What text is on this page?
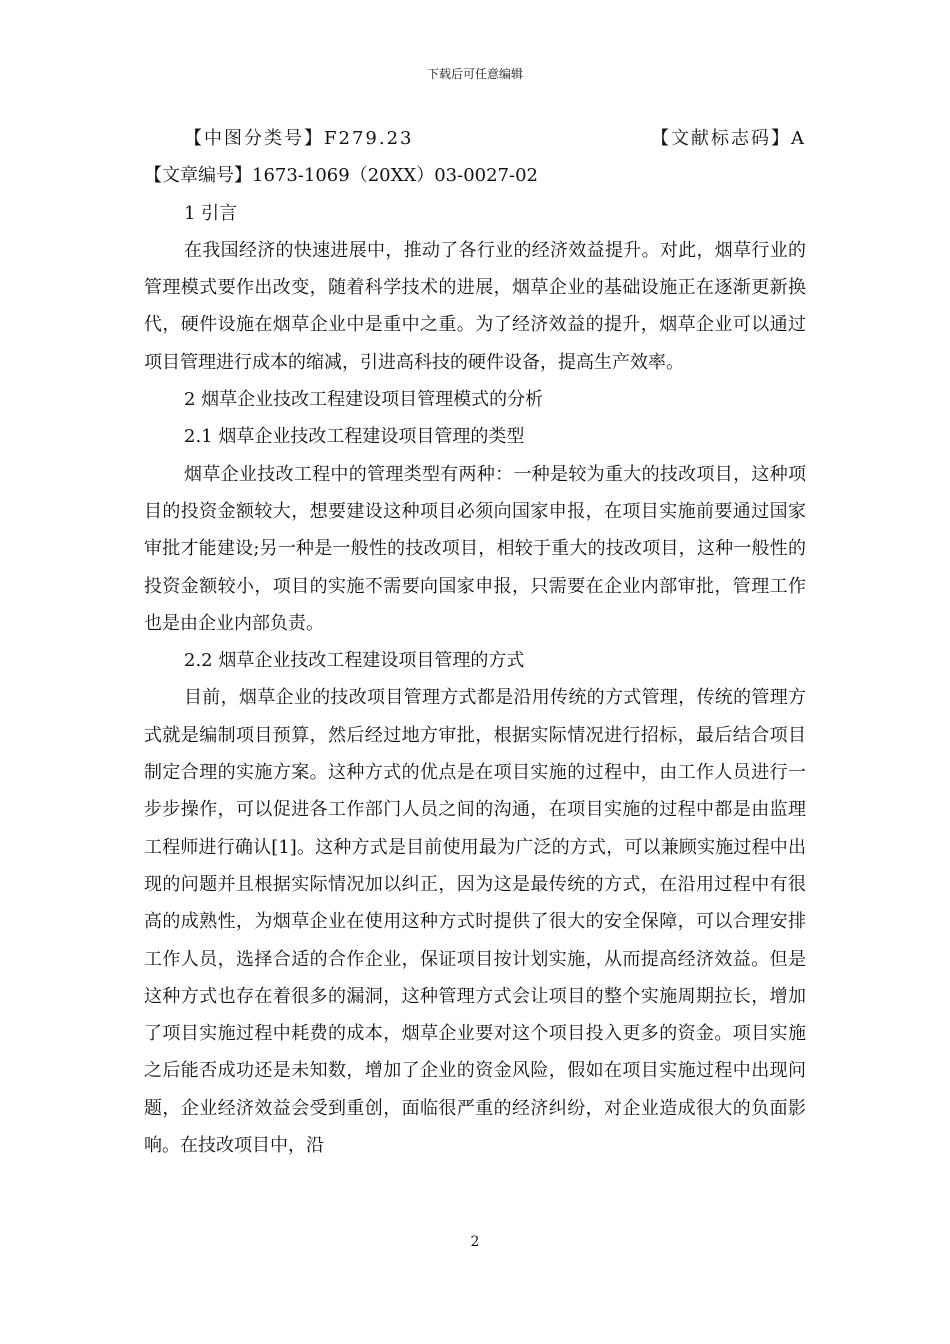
下载后可任意编辑
【中图分类号】F279.23	【文献标志码】A

【文章编号】1673-1069（20XX）03-0027-02

1 引言

在我国经济的快速进展中，推动了各行业的经济效益提升。对此，烟草行业的管理模式要作出改变，随着科学技术的进展，烟草企业的基础设施正在逐渐更新换代，硬件设施在烟草企业中是重中之重。为了经济效益的提升，烟草企业可以通过项目管理进行成本的缩减，引进高科技的硬件设备，提高生产效率。

2 烟草企业技改工程建设项目管理模式的分析

2.1 烟草企业技改工程建设项目管理的类型

烟草企业技改工程中的管理类型有两种：一种是较为重大的技改项目，这种项目的投资金额较大，想要建设这种项目必须向国家申报，在项目实施前要通过国家审批才能建设;另一种是一般性的技改项目，相较于重大的技改项目，这种一般性的投资金额较小，项目的实施不需要向国家申报，只需要在企业内部审批，管理工作也是由企业内部负责。

2.2 烟草企业技改工程建设项目管理的方式

目前，烟草企业的技改项目管理方式都是沿用传统的方式管理，传统的管理方式就是编制项目预算，然后经过地方审批，根据实际情况进行招标，最后结合项目制定合理的实施方案。这种方式的优点是在项目实施的过程中，由工作人员进行一步步操作，可以促进各工作部门人员之间的沟通，在项目实施的过程中都是由监理工程师进行确认[1]。这种方式是目前使用最为广泛的方式，可以兼顾实施过程中出现的问题并且根据实际情况加以纠正，因为这是最传统的方式，在沿用过程中有很高的成熟性，为烟草企业在使用这种方式时提供了很大的安全保障，可以合理安排工作人员，选择合适的合作企业，保证项目按计划实施，从而提高经济效益。但是这种方式也存在着很多的漏洞，这种管理方式会让项目的整个实施周期拉长，增加了项目实施过程中耗费的成本，烟草企业要对这个项目投入更多的资金。项目实施之后能否成功还是未知数，增加了企业的资金风险，假如在项目实施过程中出现问题，企业经济效益会受到重创，面临很严重的经济纠纷，对企业造成很大的负面影响。在技改项目中，沿

2
